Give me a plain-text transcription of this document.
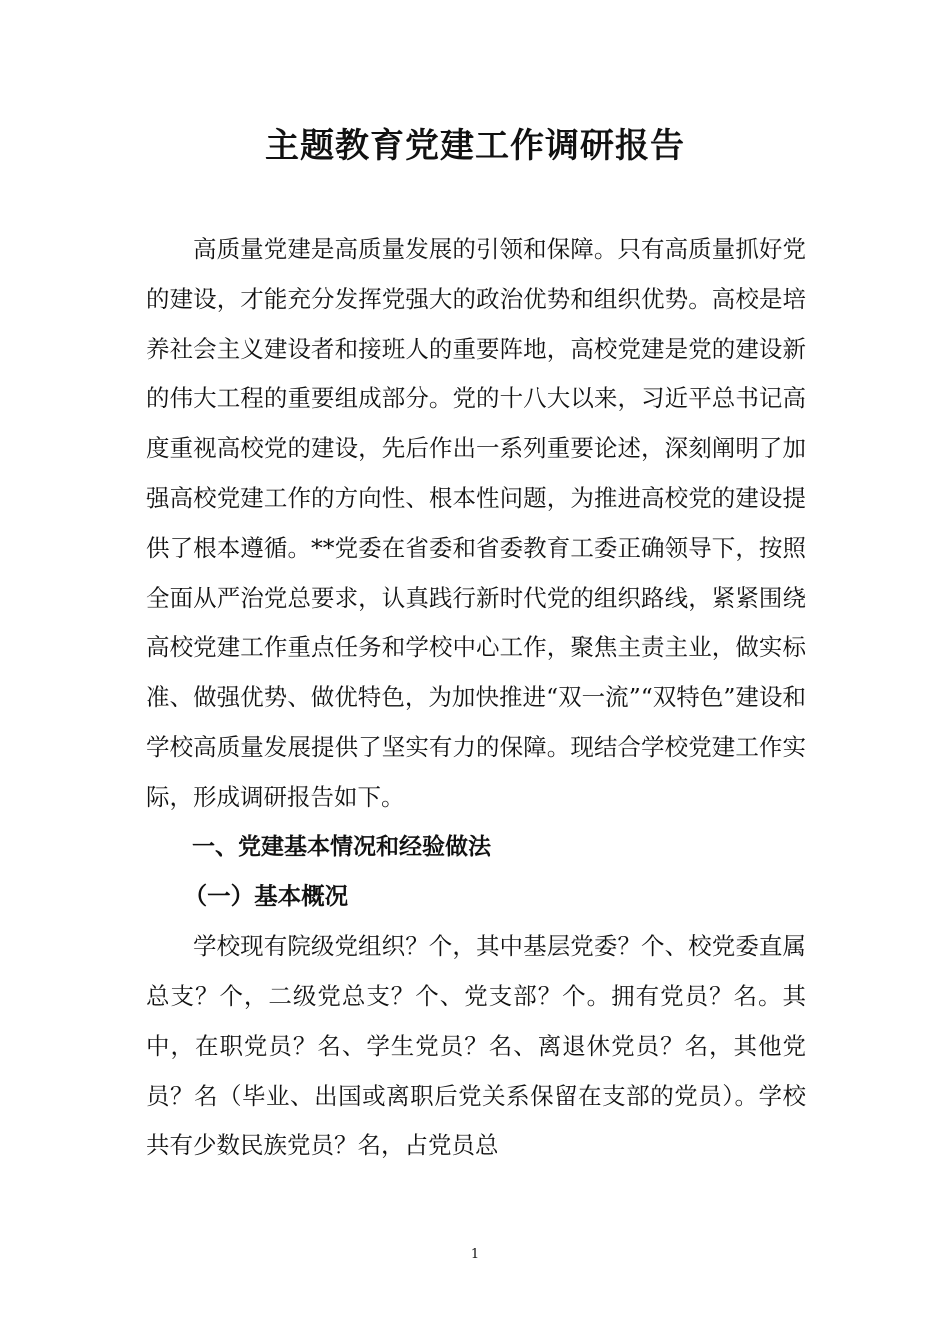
主题教育党建工作调研报告

高质量党建是高质量发展的引领和保障。只有高质量抓好党的建设，才能充分发挥党强大的政治优势和组织优势。高校是培养社会主义建设者和接班人的重要阵地，高校党建是党的建设新的伟大工程的重要组成部分。党的十八大以来，习近平总书记高度重视高校党的建设，先后作出一系列重要论述，深刻阐明了加强高校党建工作的方向性、根本性问题，为推进高校党的建设提供了根本遵循。**党委在省委和省委教育工委正确领导下，按照全面从严治党总要求，认真践行新时代党的组织路线，紧紧围绕高校党建工作重点任务和学校中心工作，聚焦主责主业，做实标准、做强优势、做优特色，为加快推进“双一流”“双特色”建设和学校高质量发展提供了坚实有力的保障。现结合学校党建工作实际，形成调研报告如下。

一、党建基本情况和经验做法

（一）基本概况

学校现有院级党组织？个，其中基层党委？个、校党委直属总支？个，二级党总支？个、党支部？个。拥有党员？名。其中，在职党员？名、学生党员？名、离退休党员？名，其他党员？名（毕业、出国或离职后党关系保留在支部的党员）。学校共有少数民族党员？名，占党员总

1
